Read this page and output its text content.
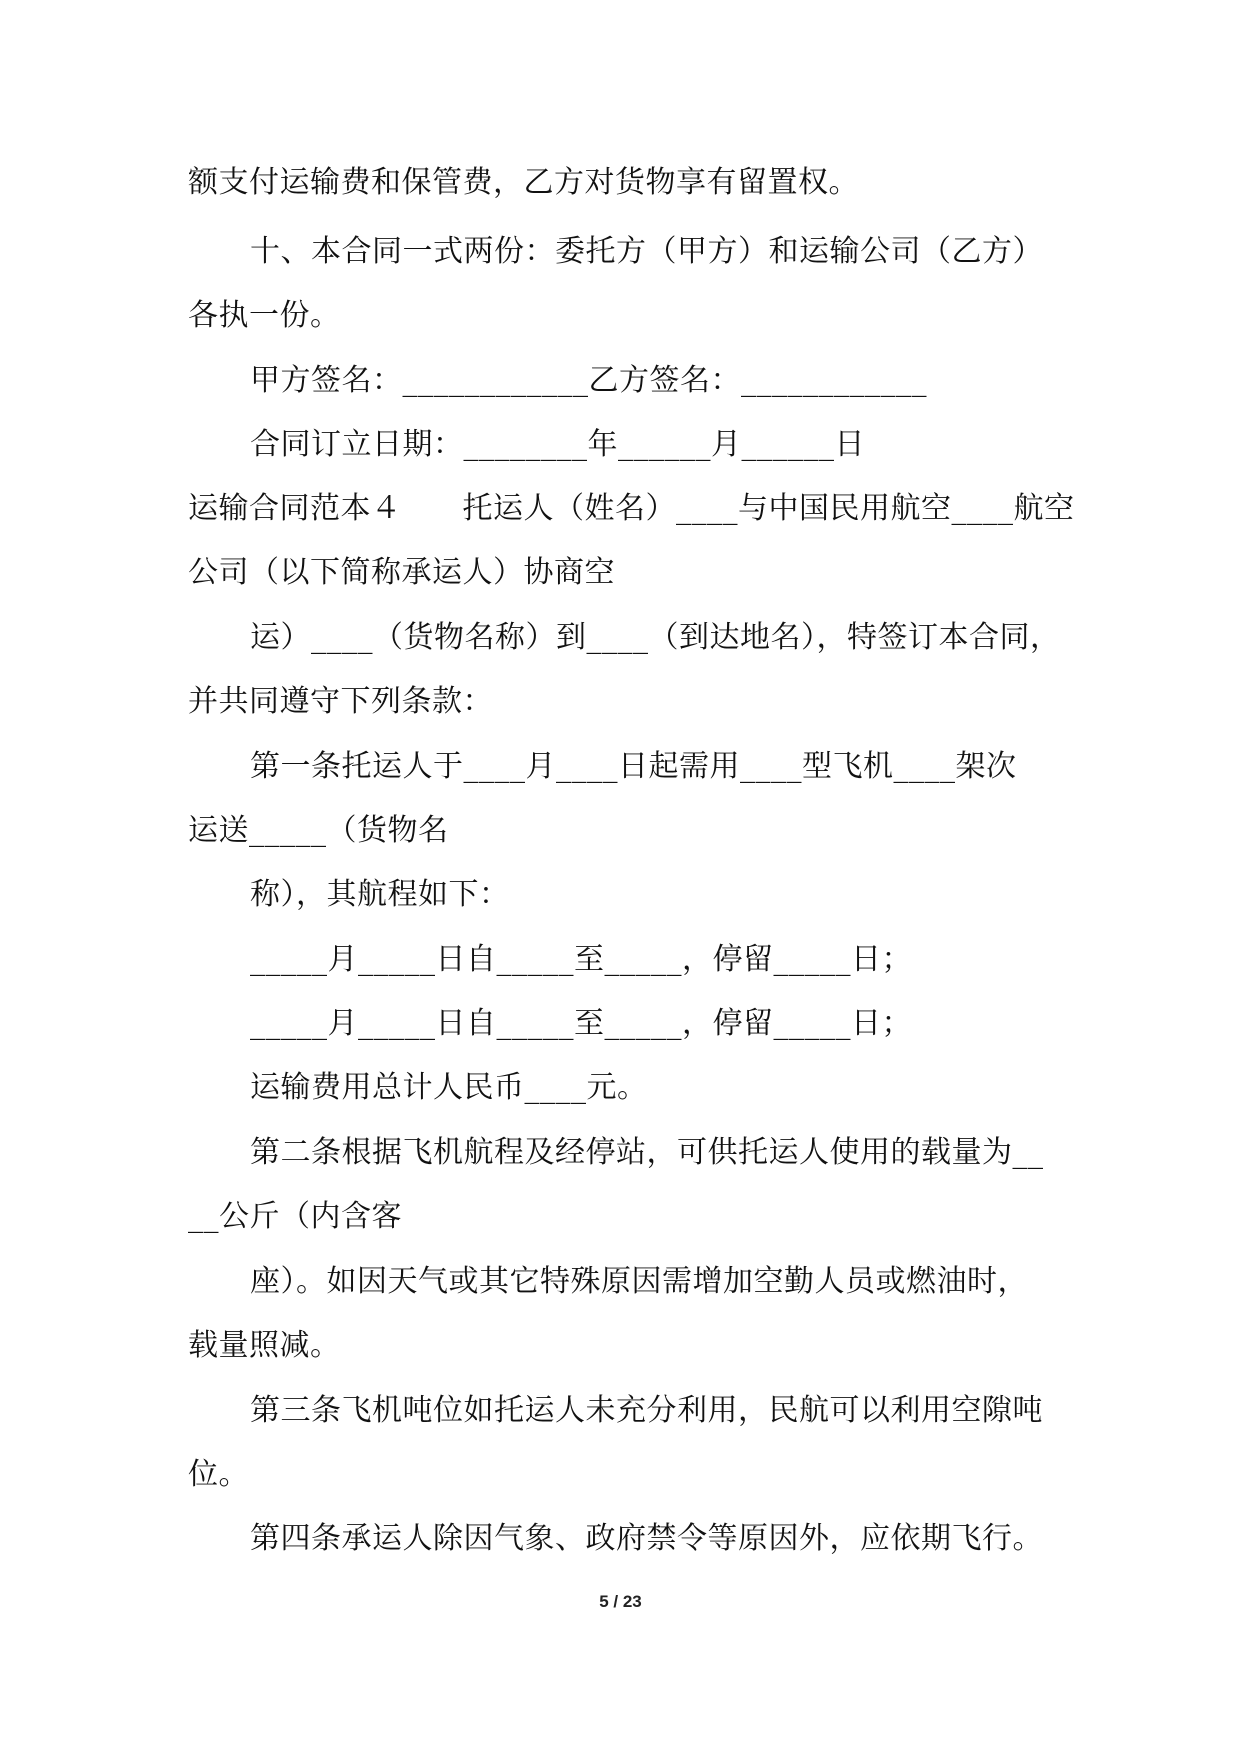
额支付运输费和保管费，乙方对货物享有留置权。
十、本合同一式两份：委托方（甲方）和运输公司（乙方）
各执一份。
甲方签名：____________乙方签名：____________
合同订立日期：________年______月______日
运输合同范本４　　托运人（姓名）____与中国民用航空____航空
公司（以下简称承运人）协商空
运）____（货物名称）到____（到达地名），特签订本合同，
并共同遵守下列条款：
第一条托运人于____月____日起需用____型飞机____架次
运送_____（货物名
称），其航程如下：
_____月_____日自_____至_____，停留_____日；
_____月_____日自_____至_____，停留_____日；
运输费用总计人民币____元。
第二条根据飞机航程及经停站，可供托运人使用的载量为__
__公斤（内含客
座）。如因天气或其它特殊原因需增加空勤人员或燃油时，
载量照减。
第三条飞机吨位如托运人未充分利用，民航可以利用空隙吨
位。
第四条承运人除因气象、政府禁令等原因外，应依期飞行。
5 / 23
